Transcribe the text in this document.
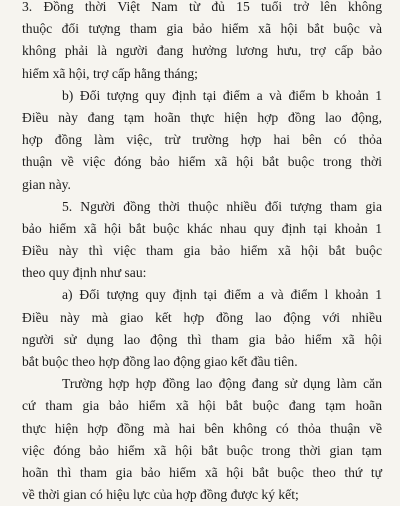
3. Đồng thời Việt Nam từ đủ 15 tuổi trở lên không
thuộc đối tượng tham gia bảo hiểm xã hội bắt buộc và
không phải là người đang hưởng lương hưu, trợ cấp bảo
hiểm xã hội, trợ cấp hằng tháng;
b) Đối tượng quy định tại điểm a và điểm b khoản 1
Điều này đang tạm hoãn thực hiện hợp đồng lao động,
hợp đồng làm việc, trừ trường hợp hai bên có thỏa
thuận về việc đóng bảo hiểm xã hội bắt buộc trong thời
gian này.
5. Người đồng thời thuộc nhiều đối tượng tham gia
bảo hiểm xã hội bắt buộc khác nhau quy định tại khoản 1
Điều này thì việc tham gia bảo hiểm xã hội bắt buộc
theo quy định như sau:
a) Đối tượng quy định tại điểm a và điểm l khoản 1
Điều này mà giao kết hợp đồng lao động với nhiều
người sử dụng lao động thì tham gia bảo hiểm xã hội
bắt buộc theo hợp đồng lao động giao kết đầu tiên.
Trường hợp hợp đồng lao động đang sử dụng làm căn
cứ tham gia bảo hiểm xã hội bắt buộc đang tạm hoãn
thực hiện hợp đồng mà hai bên không có thỏa thuận về
việc đóng bảo hiểm xã hội bắt buộc trong thời gian tạm
hoãn thì tham gia bảo hiểm xã hội bắt buộc theo thứ tự
về thời gian có hiệu lực của hợp đồng được ký kết;
